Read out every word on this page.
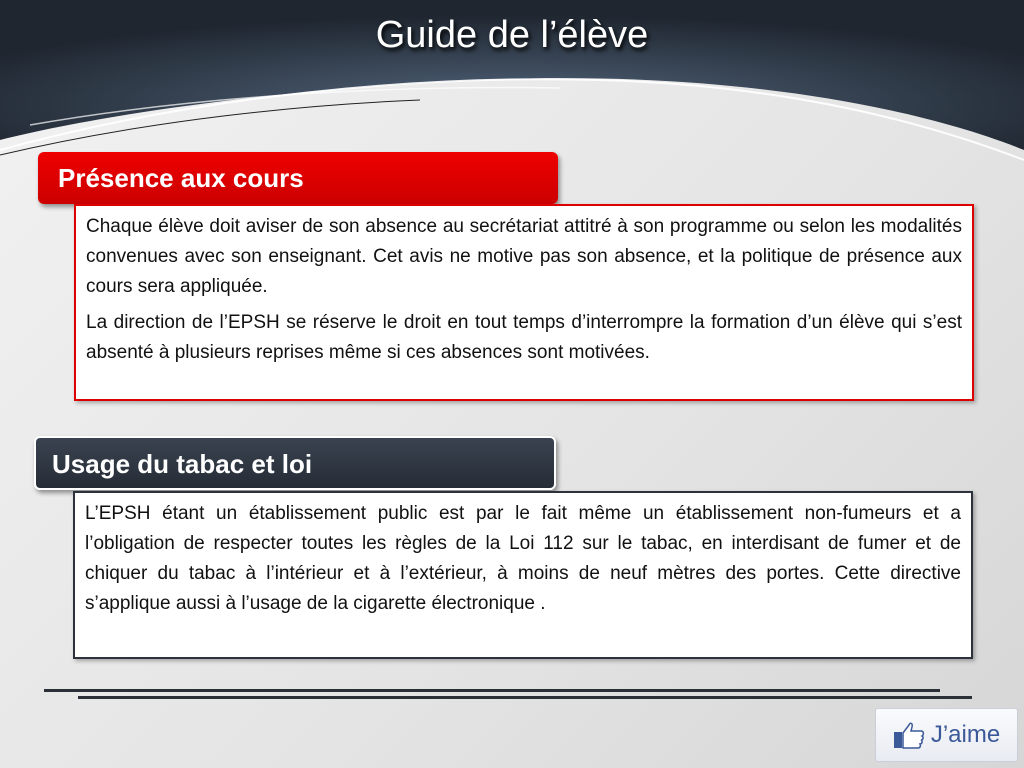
Guide de l’élève
Présence aux cours

Chaque élève doit aviser de son absence au secrétariat attitré à son programme ou selon les modalités convenues avec son enseignant. Cet avis ne motive pas son absence, et la politique de présence aux cours sera appliquée.

La direction de l’EPSH se réserve le droit en tout temps d’interrompre la formation d’un élève qui s’est absenté à plusieurs reprises même si ces absences sont motivées.

Usage du tabac et loi

L’EPSH étant un établissement public est par le fait même un établissement non-fumeurs et a l’obligation de respecter toutes les règles de la Loi 112 sur le tabac, en interdisant de fumer et de chiquer du tabac à l’intérieur et à l’extérieur, à moins de neuf mètres des portes. Cette directive s’applique aussi à l’usage de la cigarette électronique .

J’aime
